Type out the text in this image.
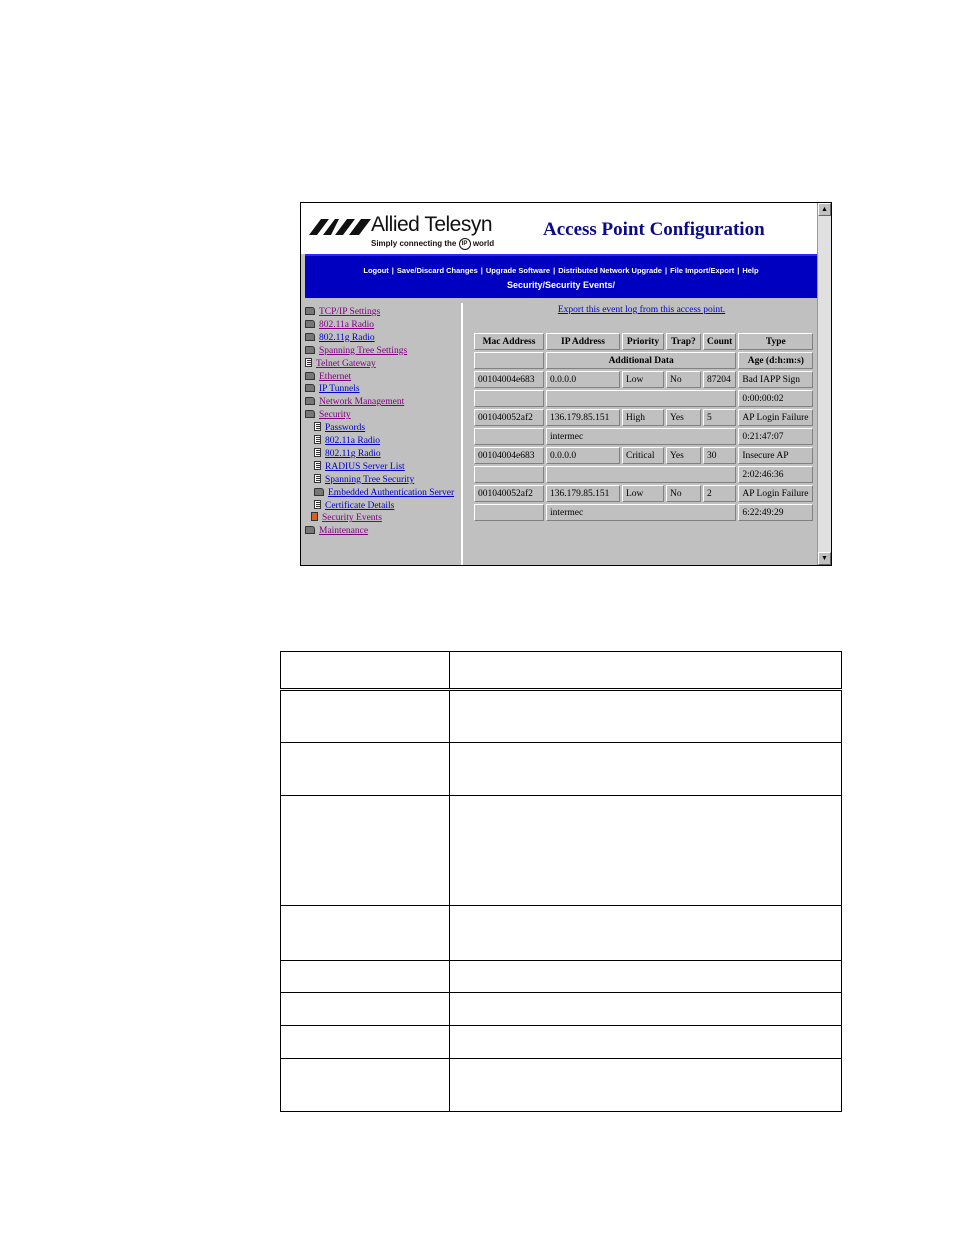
Allied Telesyn
Simply connecting the IP world
Access Point Configuration
Logout | Save/Discard Changes | Upgrade Software | Distributed Network Upgrade | File Import/Export | Help
Security/Security Events/
TCP/IP Settings
802.11a Radio
802.11g Radio
Spanning Tree Settings
Telnet Gateway
Ethernet
IP Tunnels
Network Management
Security
Passwords
802.11a Radio
802.11g Radio
RADIUS Server List
Spanning Tree Security
Embedded Authentication Server
Certificate Details
Security Events
Maintenance
Export this event log from this access point.
Mac Address	IP Address	Priority	Trap?	Count	Type
	Additional Data				Age (d:h:m:s)
00104004e683	0.0.0.0	Low	No	87204	Bad IAPP Sign
					0:00:00:02
001040052af2	136.179.85.151	High	Yes	5	AP Login Failure
	intermec				0:21:47:07
00104004e683	0.0.0.0	Critical	Yes	30	Insecure AP
					2:02:46:36
001040052af2	136.179.85.151	Low	No	2	AP Login Failure
	intermec				6:22:49:29
▲
▼
